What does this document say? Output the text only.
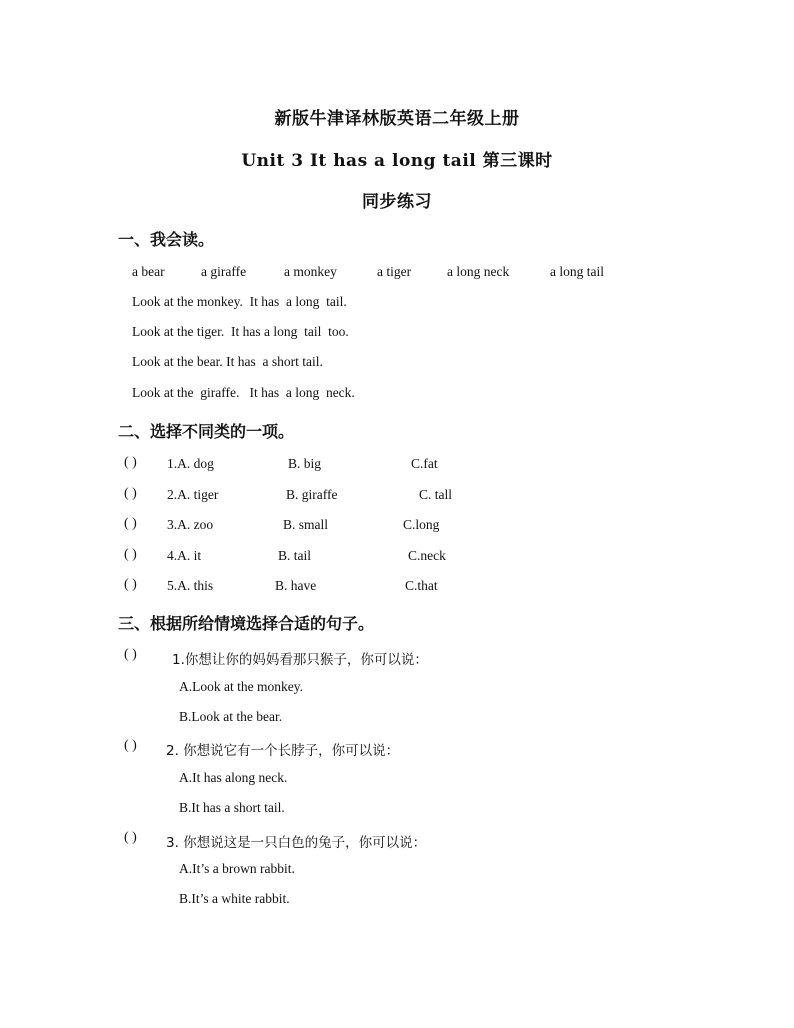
新版牛津译林版英语二年级上册
Unit 3 It has a long tail 第三课时
同步练习
一、我会读。

a bear

	a giraffe

	a monkey

	a tiger

	a long neck

	a long tail

Look at the monkey.  It has  a long  tail.
Look at the tiger.  It has a long  tail  too.
Look at the bear. It has  a short tail.
Look at the  giraffe.   It has  a long  neck.
二、选择不同类的一项。
( ) 1.A. dog	B. big	C.fat
( ) 2.A. tiger	B. giraffe	C. tall
( ) 3.A. zoo	B. small	C.long
( ) 4.A. it	B. tail	C.neck
( ) 5.A. this	B. have	C.that
三、根据所给情境选择合适的句子。
( )	1.你想让你的妈妈看那只猴子，你可以说：
A.Look at the monkey.
B.Look at the bear.
( ) 2. 你想说它有一个长脖子，你可以说：
A.It has along neck.
B.It has a short tail.
( ) 3. 你想说这是一只白色的兔子，你可以说：
A.It’s a brown rabbit.
B.It’s a white rabbit.
